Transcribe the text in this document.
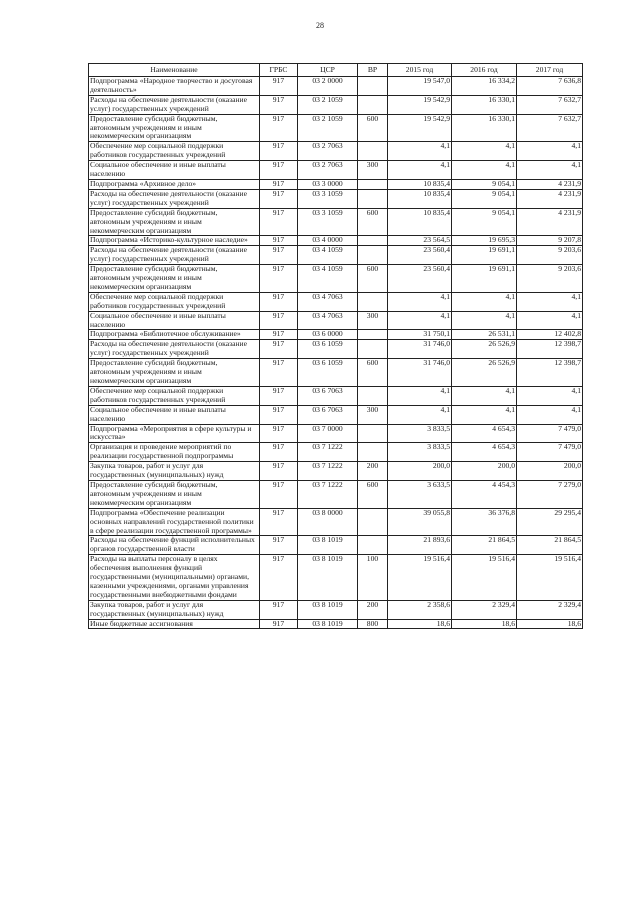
28
Наименование	ГРБС	ЦСР	ВР	2015 год	2016 год	2017 год
Подпрограмма «Народное творчество и досуговая деятельность»	917	03 2 0000		19 547,0	16 334,2	7 636,8
Расходы на обеспечение деятельности (оказание услуг) государственных учреждений	917	03 2 1059		19 542,9	16 330,1	7 632,7
Предоставление субсидий бюджетным, автономным учреждениям и иным некоммерческим организациям	917	03 2 1059	600	19 542,9	16 330,1	7 632,7
Обеспечение мер социальной поддержки работников государственных учреждений	917	03 2 7063		4,1	4,1	4,1
Социальное обеспечение и иные выплаты населению	917	03 2 7063	300	4,1	4,1	4,1
Подпрограмма «Архивное дело»	917	03 3 0000		10 835,4	9 054,1	4 231,9
Расходы на обеспечение деятельности (оказание услуг) государственных учреждений	917	03 3 1059		10 835,4	9 054,1	4 231,9
Предоставление субсидий бюджетным, автономным учреждениям и иным некоммерческим организациям	917	03 3 1059	600	10 835,4	9 054,1	4 231,9
Подпрограмма «Историко-культурное наследие»	917	03 4 0000		23 564,5	19 695,3	9 207,8
Расходы на обеспечение деятельности (оказание услуг) государственных учреждений	917	03 4 1059		23 560,4	19 691,1	9 203,6
Предоставление субсидий бюджетным, автономным учреждениям и иным некоммерческим организациям	917	03 4 1059	600	23 560,4	19 691,1	9 203,6
Обеспечение мер социальной поддержки работников государственных учреждений	917	03 4 7063		4,1	4,1	4,1
Социальное обеспечение и иные выплаты населению	917	03 4 7063	300	4,1	4,1	4,1
Подпрограмма «Библиотечное обслуживание»	917	03 6 0000		31 750,1	26 531,1	12 402,8
Расходы на обеспечение деятельности (оказание услуг) государственных учреждений	917	03 6 1059		31 746,0	26 526,9	12 398,7
Предоставление субсидий бюджетным, автономным учреждениям и иным некоммерческим организациям	917	03 6 1059	600	31 746,0	26 526,9	12 398,7
Обеспечение мер социальной поддержки работников государственных учреждений	917	03 6 7063		4,1	4,1	4,1
Социальное обеспечение и иные выплаты населению	917	03 6 7063	300	4,1	4,1	4,1
Подпрограмма «Мероприятия в сфере культуры и искусства»	917	03 7 0000		3 833,5	4 654,3	7 479,0
Организация и проведение мероприятий по реализации государственной подпрограммы	917	03 7 1222		3 833,5	4 654,3	7 479,0
Закупка товаров, работ и услуг для государственных (муниципальных) нужд	917	03 7 1222	200	200,0	200,0	200,0
Предоставление субсидий бюджетным, автономным учреждениям и иным некоммерческим организациям	917	03 7 1222	600	3 633,5	4 454,3	7 279,0
Подпрограмма «Обеспечение реализации основных направлений государственной политики в сфере реализации государственной программы»	917	03 8 0000		39 055,8	36 376,8	29 295,4
Расходы на обеспечение функций исполнительных органов государственной власти	917	03 8 1019		21 893,6	21 864,5	21 864,5
Расходы на выплаты персоналу в целях обеспечения выполнения функций государственными (муниципальными) органами, казенными учреждениями, органами управления государственными внебюджетными фондами	917	03 8 1019	100	19 516,4	19 516,4	19 516,4
Закупка товаров, работ и услуг для государственных (муниципальных) нужд	917	03 8 1019	200	2 358,6	2 329,4	2 329,4
Иные бюджетные ассигнования	917	03 8 1019	800	18,6	18,6	18,6
